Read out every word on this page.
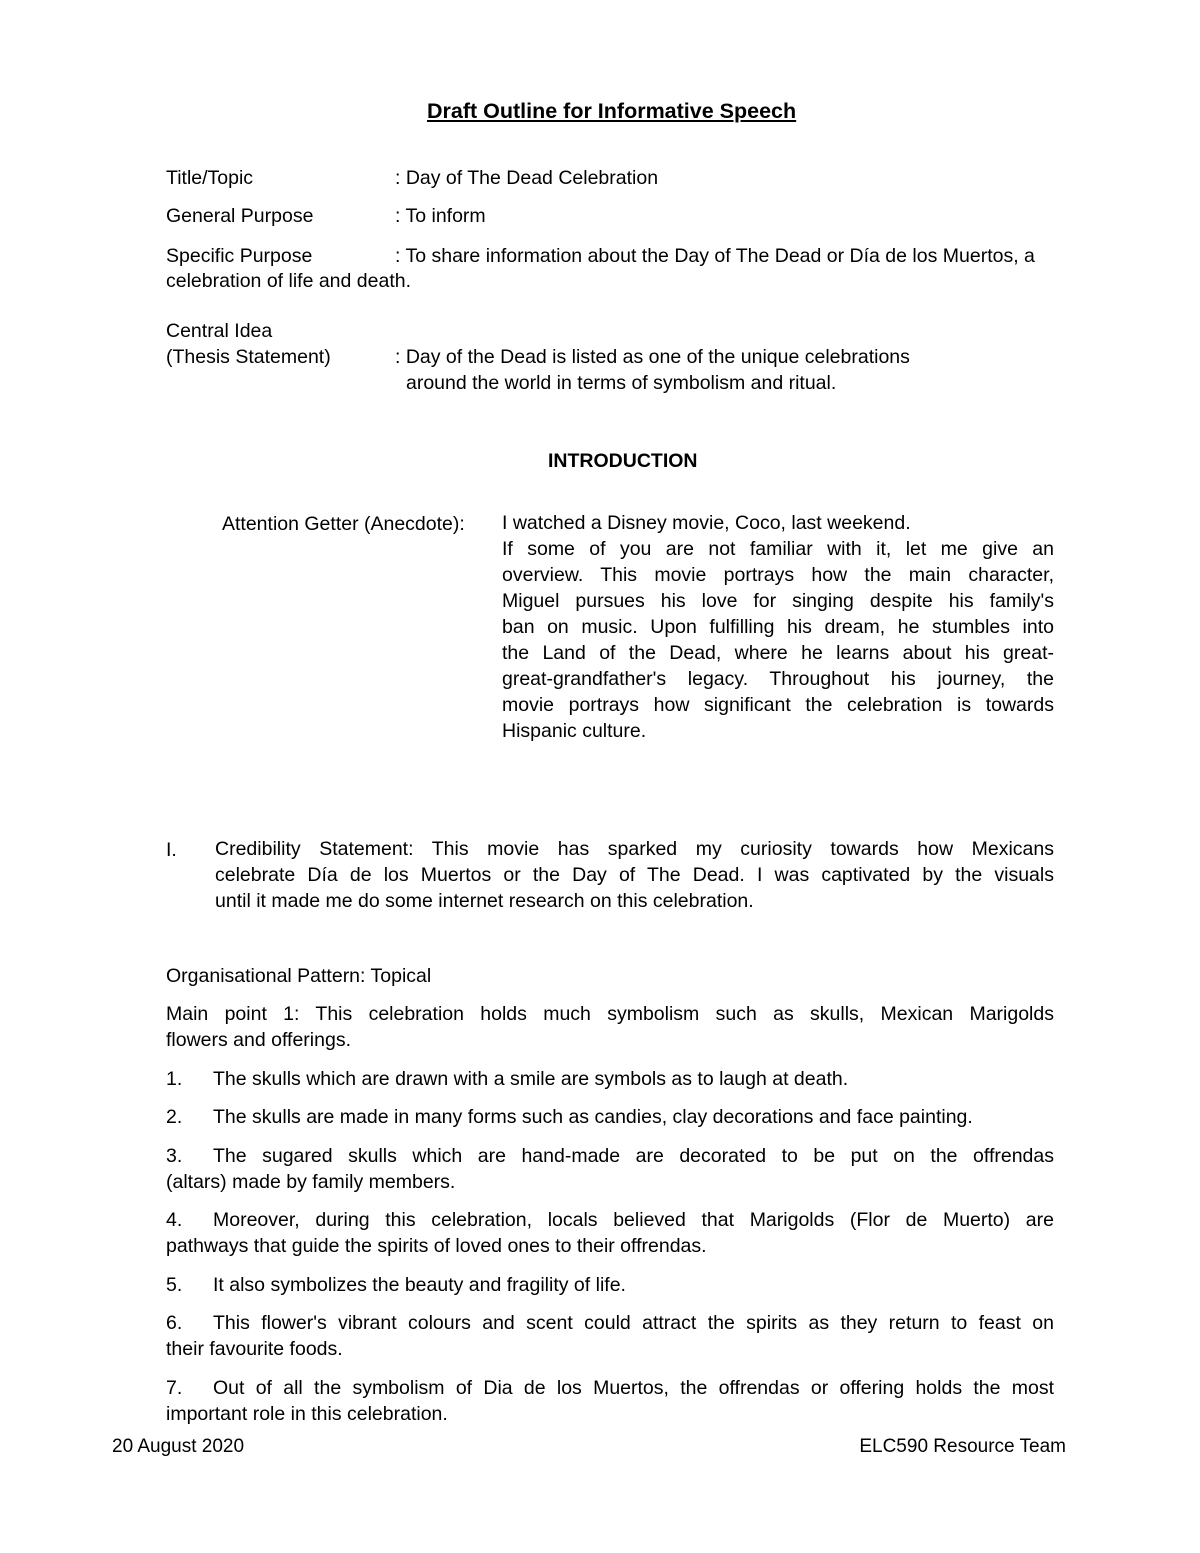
Draft Outline for Informative Speech
Title/Topic	: Day of The Dead Celebration
General Purpose	: To inform
Specific Purpose	: To share information about the Day of The Dead or Día de los Muertos, a
celebration of life and death.
Central Idea
(Thesis Statement)	: Day of the Dead is listed as one of the unique celebrations
around the world in terms of symbolism and ritual.
INTRODUCTION
Attention Getter (Anecdote): I watched a Disney movie, Coco, last weekend.
If some of you are not familiar with it, let me give an
overview. This movie portrays how the main character,
Miguel pursues his love for singing despite his family's
ban on music. Upon fulfilling his dream, he stumbles into
the Land of the Dead, where he learns about his great-
great-grandfather's legacy. Throughout his journey, the
movie portrays how significant the celebration is towards
Hispanic culture.
I. Credibility Statement: This movie has sparked my curiosity towards how Mexicans
celebrate Día de los Muertos or the Day of The Dead. I was captivated by the visuals
until it made me do some internet research on this celebration.
Organisational Pattern: Topical
Main point 1: This celebration holds much symbolism such as skulls, Mexican Marigolds
flowers and offerings.
1. The skulls which are drawn with a smile are symbols as to laugh at death.
2. The skulls are made in many forms such as candies, clay decorations and face painting.
3. The sugared skulls which are hand-made are decorated to be put on the offrendas
(altars) made by family members.
4. Moreover, during this celebration, locals believed that Marigolds (Flor de Muerto) are
pathways that guide the spirits of loved ones to their offrendas.
5. It also symbolizes the beauty and fragility of life.
6. This flower's vibrant colours and scent could attract the spirits as they return to feast on
their favourite foods.
7. Out of all the symbolism of Dia de los Muertos, the offrendas or offering holds the most
important role in this celebration.
20 August 2020	ELC590 Resource Team
